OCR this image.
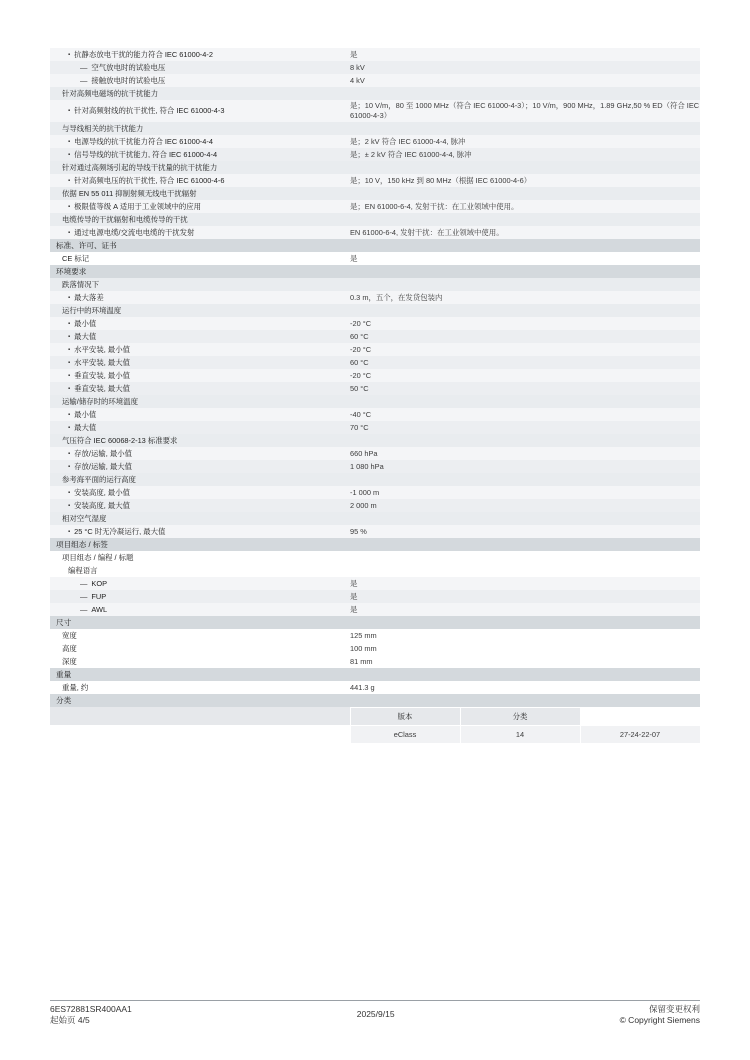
▪ 抗静态放电干扰的能力符合 IEC 61000-4-2	是
— 空气放电时的试验电压	8 kV
— 接触放电时的试验电压	4 kV
针对高频电磁场的抗干扰能力	
▪ 针对高频射线的抗干扰性, 符合 IEC 61000-4-3	是；10 V/m，80 至 1000 MHz（符合 IEC 61000-4-3）；10 V/m，900 MHz，1.89 GHz,50 % ED（符合 IEC 61000-4-3）
与导线相关的抗干扰能力	
▪ 电源导线的抗干扰能力符合 IEC 61000-4-4	是；2 kV 符合 IEC 61000-4-4, 脉冲
▪ 信号导线的抗干扰能力, 符合 IEC 61000-4-4	是；± 2 kV 符合 IEC 61000-4-4, 脉冲
针对通过高频场引起的导线干扰量的抗干扰能力	
▪ 针对高频电压的抗干扰性, 符合 IEC 61000-4-6	是；10 V，150 kHz 到 80 MHz（根据 IEC 61000-4-6）
依据 EN 55 011 抑制射频无线电干扰辐射	
▪ 极限值等级 A 适用于工业领域中的应用	是；EN 61000-6-4, 发射干扰：在工业领域中使用。
电缆传导的干扰辐射和电缆传导的干扰	
▪ 通过电源电缆/交流电电缆的干扰发射	EN 61000-6-4, 发射干扰：在工业领域中使用。
标准、许可、证书	
CE 标记	是
环境要求	
跌落情况下	
▪ 最大落差	0.3 m，五个，在发货包装内
运行中的环境温度	
▪ 最小值	-20 °C
▪ 最大值	60 °C
▪ 水平安装, 最小值	-20 °C
▪ 水平安装, 最大值	60 °C
▪ 垂直安装, 最小值	-20 °C
▪ 垂直安装, 最大值	50 °C
运输/储存时的环境温度	
▪ 最小值	-40 °C
▪ 最大值	70 °C
气压符合 IEC 60068-2-13 标准要求	
▪ 存放/运输, 最小值	660 hPa
▪ 存放/运输, 最大值	1 080 hPa
参考海平面的运行高度	
▪ 安装高度, 最小值	-1 000 m
▪ 安装高度, 最大值	2 000 m
相对空气湿度	
▪ 25 °C 时无冷凝运行, 最大值	95 %
项目组态 / 标签	
项目组态 / 编程 / 标题	
编程语言	
— KOP	是
— FUP	是
— AWL	是
尺寸	
宽度	125 mm
高度	100 mm
深度	81 mm
重量	
重量, 约	441.3 g
分类	
	版本	分类	
	eClass	14	27-24-22-07
6ES72881SR400AA1
起始页 4/5
2025/9/15	保留变更权利
© Copyright Siemens
